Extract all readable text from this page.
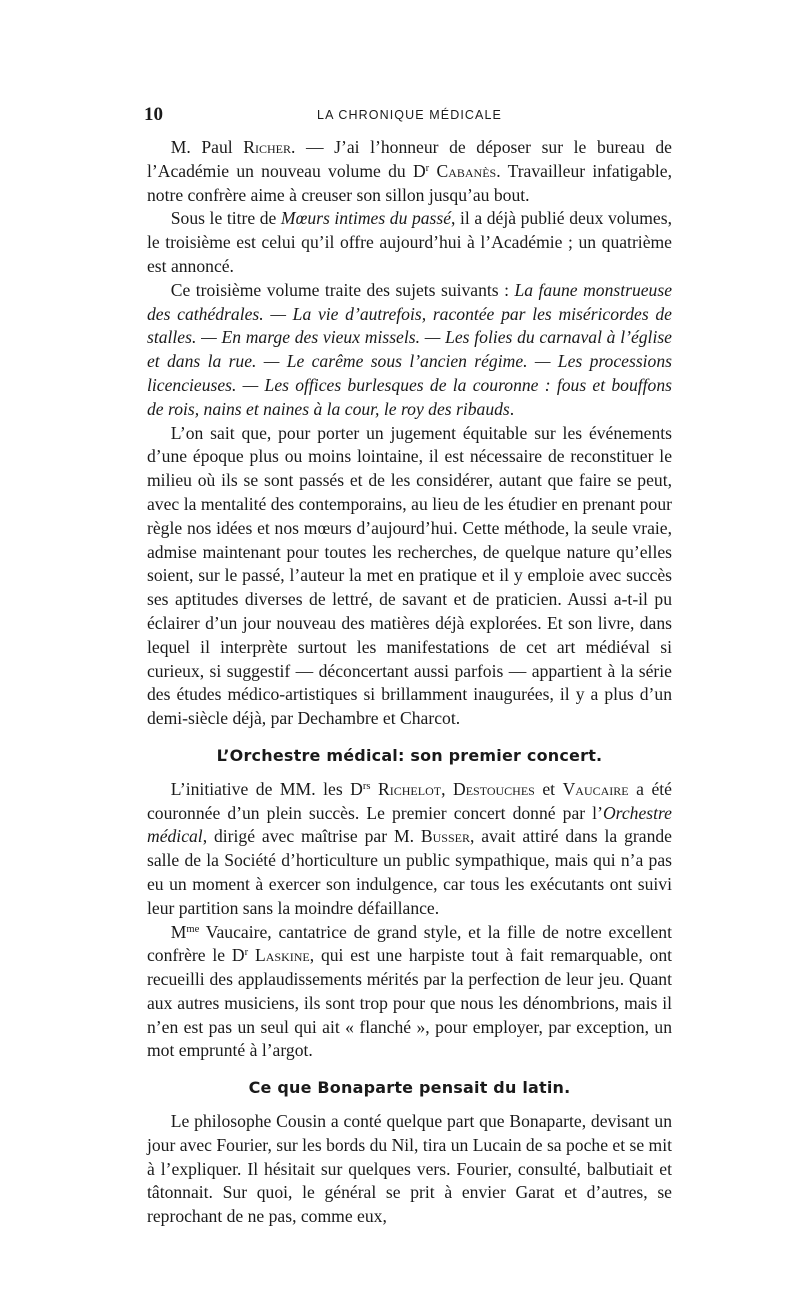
10	LA CHRONIQUE MÉDICALE

M. Paul Richer. — J’ai l’honneur de déposer sur le bureau de l’Académie un nouveau volume du $D^r$ Cabanès. Travailleur infatigable, notre confrère aime à creuser son sillon jusqu’au bout.

Sous le titre de Mœurs intimes du passé, il a déjà publié deux volumes, le troisième est celui qu’il offre aujourd’hui à l’Académie ; un quatrième est annoncé.

Ce troisième volume traite des sujets suivants : La faune monstrueuse des cathédrales. — La vie d’autrefois, racontée par les miséricordes de stalles. — En marge des vieux missels. — Les folies du carnaval à l’église et dans la rue. — Le carême sous l’ancien régime. — Les processions licencieuses. — Les offices burlesques de la couronne : fous et bouffons de rois, nains et naines à la cour, le roy des ribauds.

L’on sait que, pour porter un jugement équitable sur les événements d’une époque plus ou moins lointaine, il est nécessaire de reconstituer le milieu où ils se sont passés et de les considérer, autant que faire se peut, avec la mentalité des contemporains, au lieu de les étudier en prenant pour règle nos idées et nos mœurs d’aujourd’hui. Cette méthode, la seule vraie, admise maintenant pour toutes les recherches, de quelque nature qu’elles soient, sur le passé, l’auteur la met en pratique et il y emploie avec succès ses aptitudes diverses de lettré, de savant et de praticien. Aussi a-t-il pu éclairer d’un jour nouveau des matières déjà explorées. Et son livre, dans lequel il interprète surtout les manifestations de cet art médiéval si curieux, si suggestif — déconcertant aussi parfois — appartient à la série des études médico-artistiques si brillamment inaugurées, il y a plus d’un demi-siècle déjà, par Dechambre et Charcot.

L’Orchestre médical: son premier concert.

L’initiative de MM. les $D^{rs}$ Richelot, Destouches et Vaucaire a été couronnée d’un plein succès. Le premier concert donné par l’Orchestre médical, dirigé avec maîtrise par M. Busser, avait attiré dans la grande salle de la Société d’horticulture un public sympathique, mais qui n’a pas eu un moment à exercer son indulgence, car tous les exécutants ont suivi leur partition sans la moindre défaillance.

$M^{me}$ Vaucaire, cantatrice de grand style, et la fille de notre excellent confrère le $D^r$ Laskine, qui est une harpiste tout à fait remarquable, ont recueilli des applaudissements mérités par la perfection de leur jeu. Quant aux autres musiciens, ils sont trop pour que nous les dénombrions, mais il n’en est pas un seul qui ait « flanché », pour employer, par exception, un mot emprunté à l’argot.

Ce que Bonaparte pensait du latin.

Le philosophe Cousin a conté quelque part que Bonaparte, devisant un jour avec Fourier, sur les bords du Nil, tira un Lucain de sa poche et se mit à l’expliquer. Il hésitait sur quelques vers. Fourier, consulté, balbutiait et tâtonnait. Sur quoi, le général se prit à envier Garat et d’autres, se reprochant de ne pas, comme eux,
